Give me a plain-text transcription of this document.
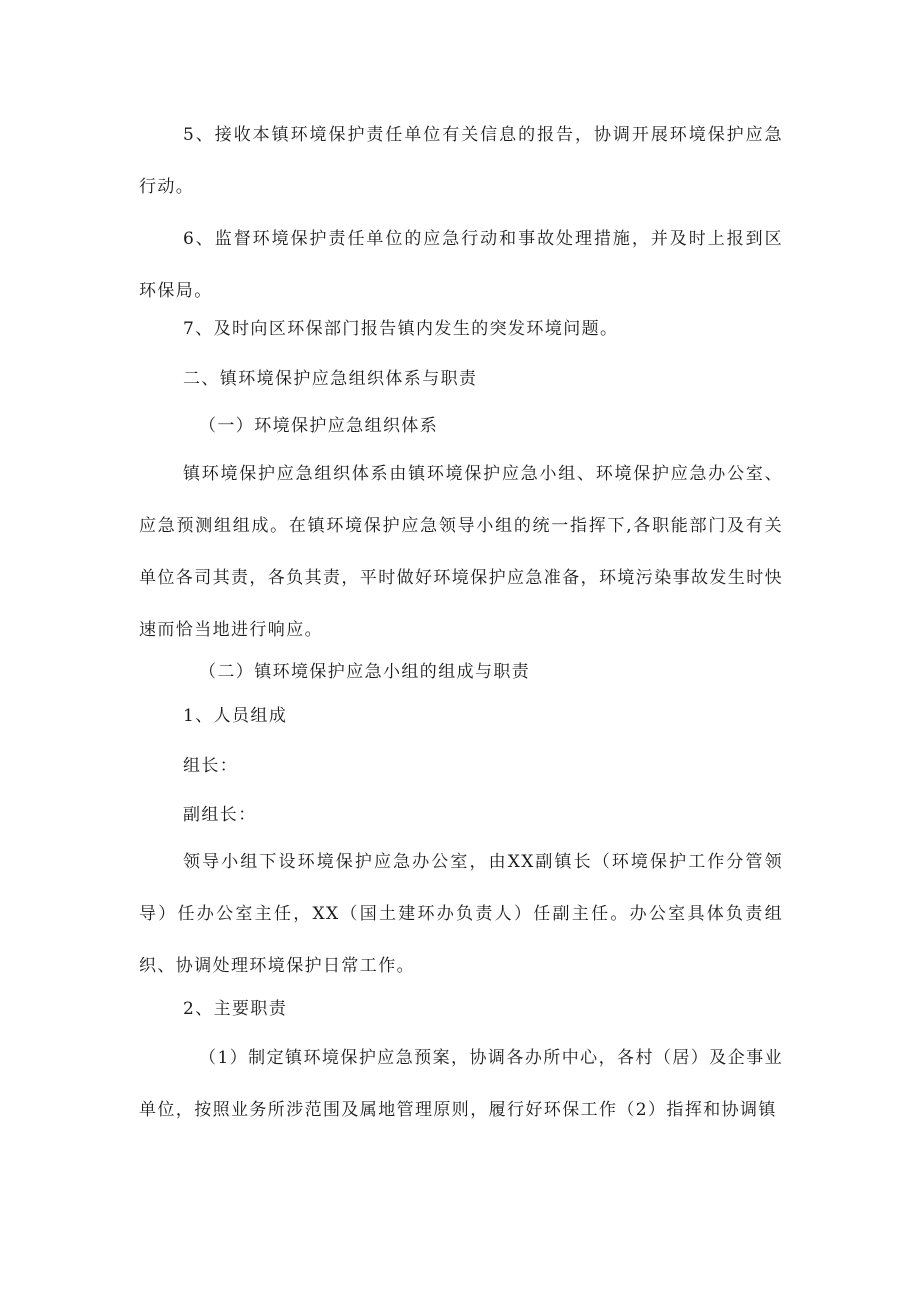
5、接收本镇环境保护责任单位有关信息的报告，协调开展环境保护应急行动。

6、监督环境保护责任单位的应急行动和事故处理措施，并及时上报到区环保局。

7、及时向区环保部门报告镇内发生的突发环境问题。

二、镇环境保护应急组织体系与职责

（一）环境保护应急组织体系

镇环境保护应急组织体系由镇环境保护应急小组、环境保护应急办公室、应急预测组组成。在镇环境保护应急领导小组的统一指挥下,各职能部门及有关单位各司其责，各负其责，平时做好环境保护应急准备，环境污染事故发生时快速而恰当地进行响应。

（二）镇环境保护应急小组的组成与职责

1、人员组成

组长：

副组长：

领导小组下设环境保护应急办公室，由XX副镇长（环境保护工作分管领导）任办公室主任，XX（国土建环办负责人）任副主任。办公室具体负责组织、协调处理环境保护日常工作。

2、主要职责

（1）制定镇环境保护应急预案，协调各办所中心，各村（居）及企事业单位，按照业务所涉范围及属地管理原则，履行好环保工作（2）指挥和协调镇
